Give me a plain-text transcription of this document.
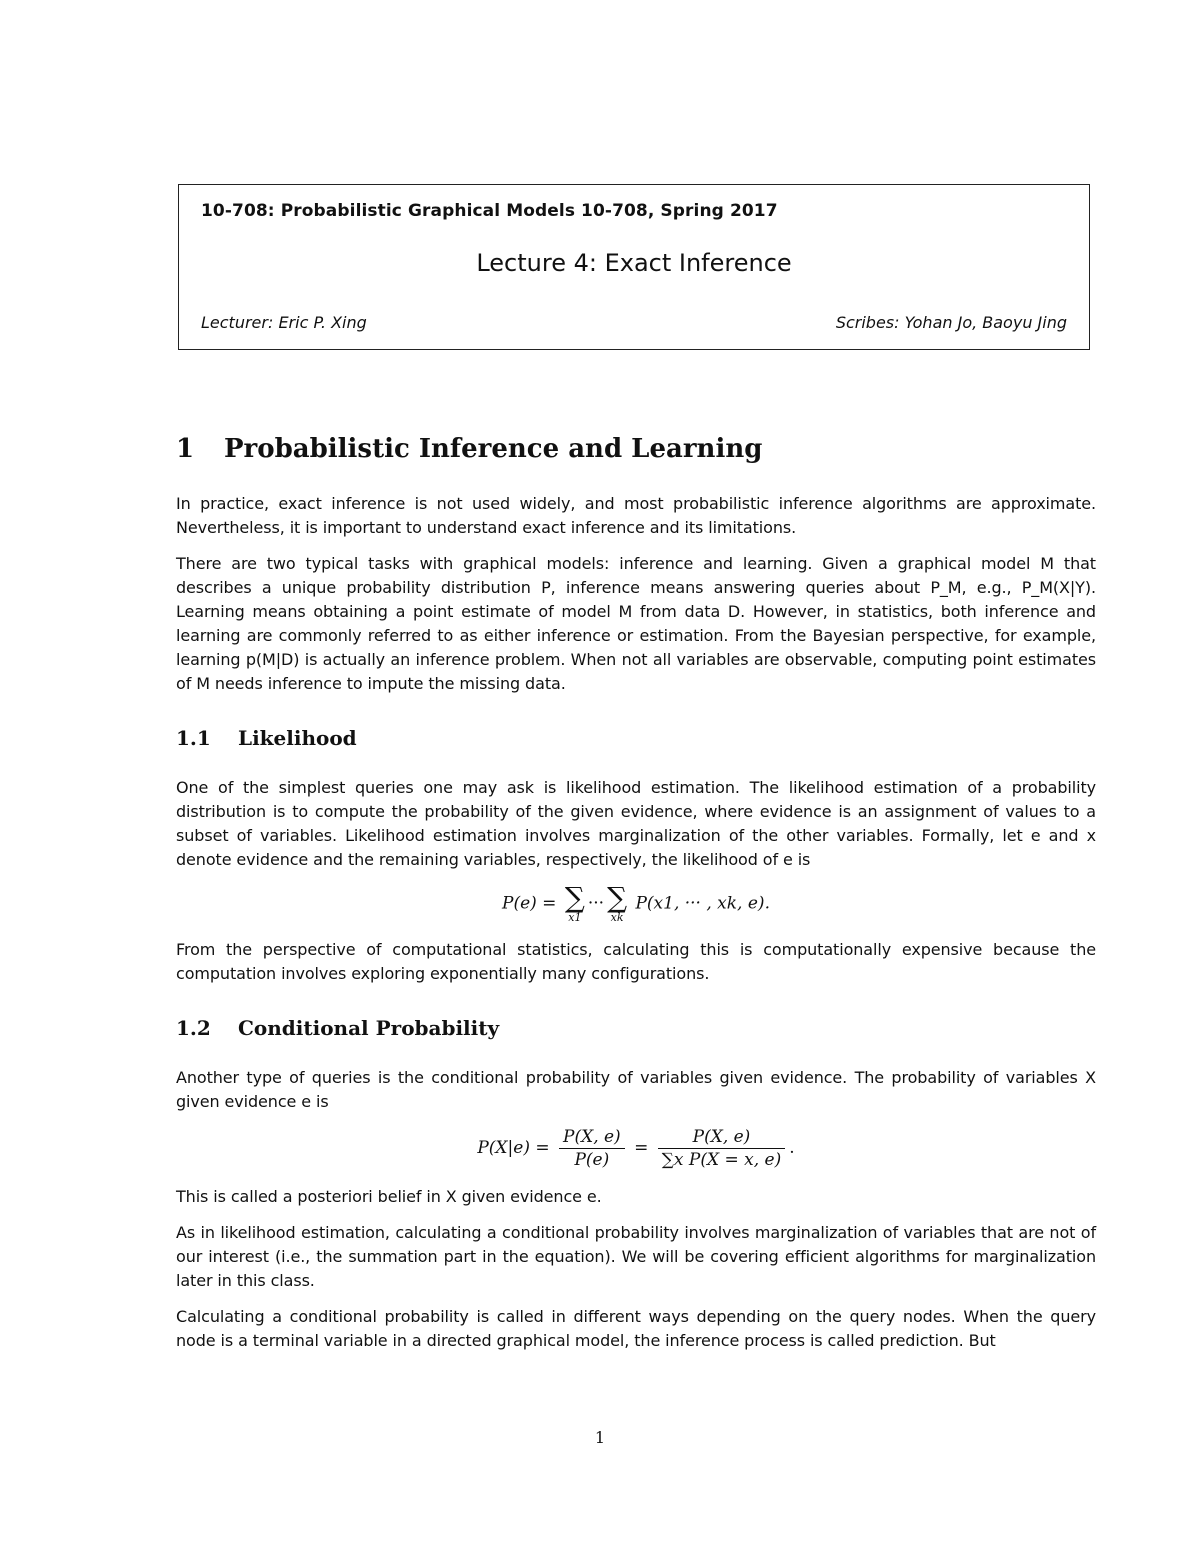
10-708: Probabilistic Graphical Models 10-708, Spring 2017
Lecture 4: Exact Inference
Lecturer: Eric P. Xing	Scribes: Yohan Jo, Baoyu Jing
1 Probabilistic Inference and Learning

In practice, exact inference is not used widely, and most probabilistic inference algorithms are approximate. Nevertheless, it is important to understand exact inference and its limitations.

There are two typical tasks with graphical models: inference and learning. Given a graphical model M that describes a unique probability distribution P, inference means answering queries about P_M, e.g., P_M(X|Y). Learning means obtaining a point estimate of model M from data D. However, in statistics, both inference and learning are commonly referred to as either inference or estimation. From the Bayesian perspective, for example, learning p(M|D) is actually an inference problem. When not all variables are observable, computing point estimates of M needs inference to impute the missing data.

1.1 Likelihood

One of the simplest queries one may ask is likelihood estimation. The likelihood estimation of a probability distribution is to compute the probability of the given evidence, where evidence is an assignment of values to a subset of variables. Likelihood estimation involves marginalization of the other variables. Formally, let e and x denote evidence and the remaining variables, respectively, the likelihood of e is

P(e) = ∑
x1
··· ∑
xk
P(x1, ··· , xk, e).

From the perspective of computational statistics, calculating this is computationally expensive because the computation involves exploring exponentially many configurations.

1.2 Conditional Probability

Another type of queries is the conditional probability of variables given evidence. The probability of variables X given evidence e is

$P(X|e) = \frac{P(X, e)}{P(e)} = \frac{P(X, e)}{\text{∑x P(X = x, e)}}$ .

This is called a posteriori belief in X given evidence e.

As in likelihood estimation, calculating a conditional probability involves marginalization of variables that are not of our interest (i.e., the summation part in the equation). We will be covering efficient algorithms for marginalization later in this class.

Calculating a conditional probability is called in different ways depending on the query nodes. When the query node is a terminal variable in a directed graphical model, the inference process is called prediction. But

1
